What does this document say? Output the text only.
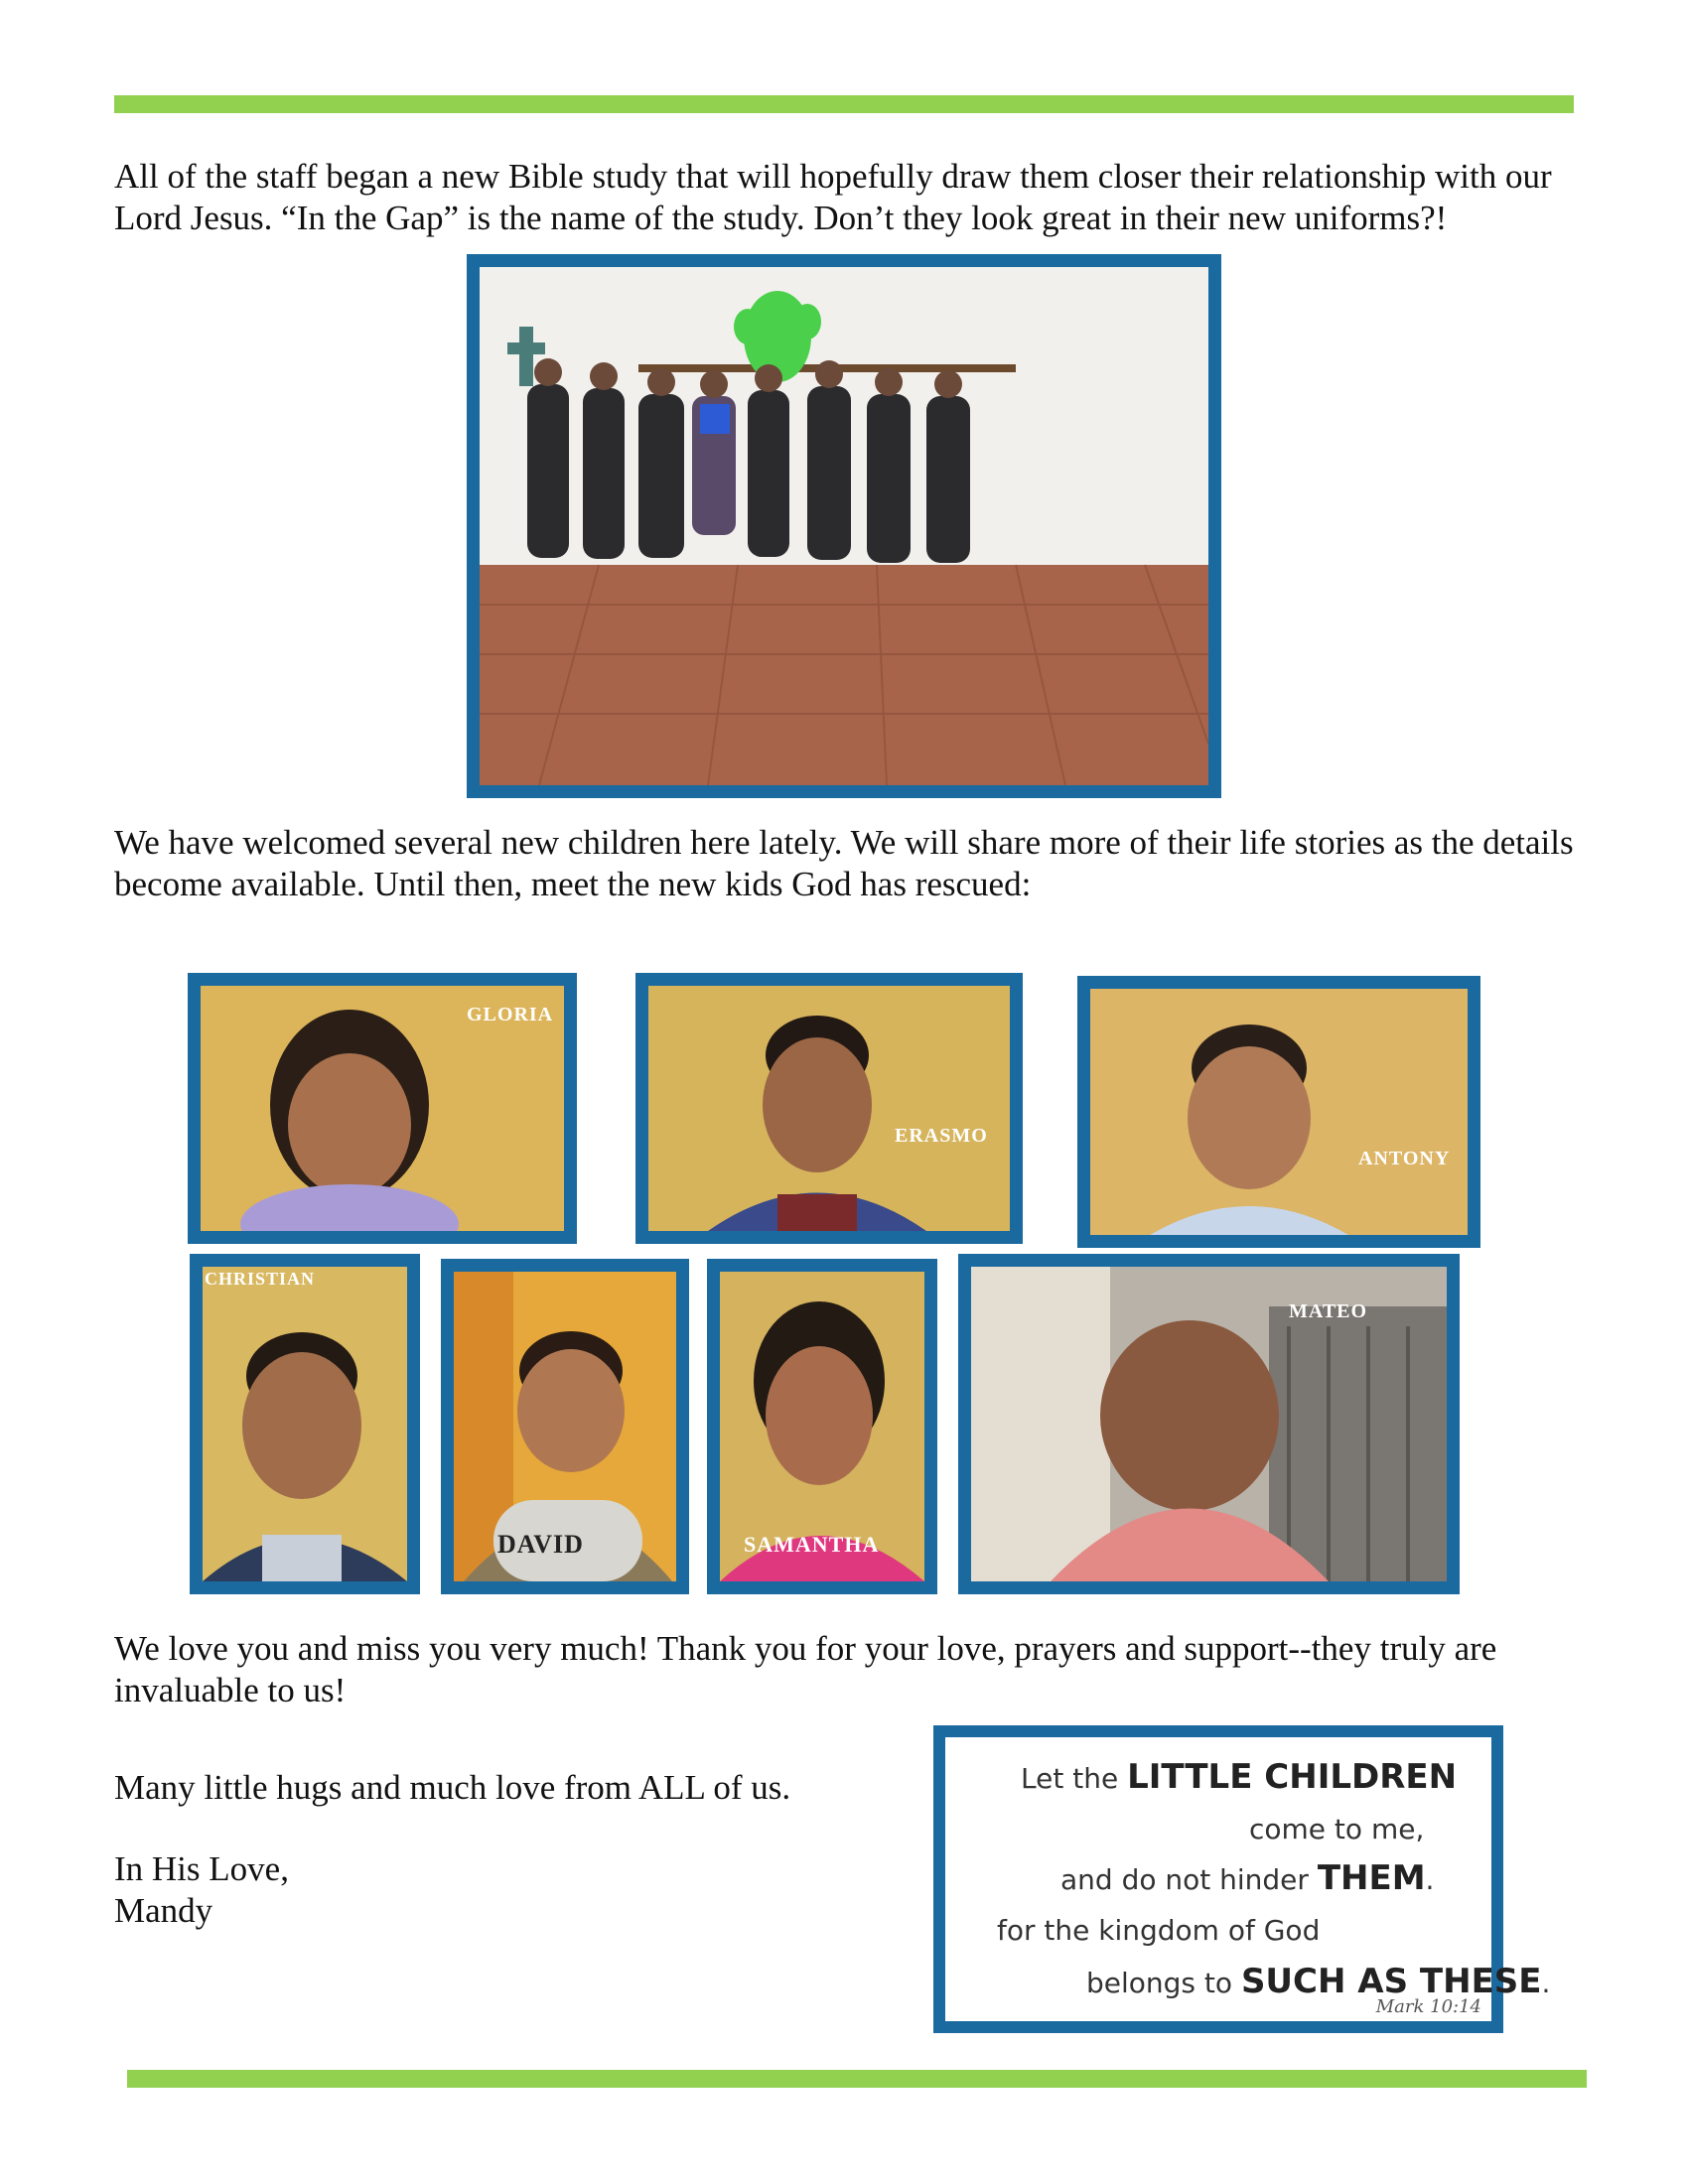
All of the staff began a new Bible study that will hopefully draw them closer their relationship with our Lord Jesus. “In the Gap” is the name of the study. Don’t they look great in their new uniforms?!

We have welcomed several new children here lately. We will share more of their life stories as the details become available. Until then, meet the new kids God has rescued:

GLORIA
ERASMO
ANTONY
CHRISTIAN
DAVID	SAMANTHA
MATEO

We love you and miss you very much! Thank you for your love, prayers and support--they truly are invaluable to us!

Many little hugs and much love from ALL of us.

In His Love,

Mandy

Let the LITTLE CHILDREN
come to me,
and do not hinder THEM.
for the kingdom of God
belongs to SUCH AS THESE.
Mark 10:14
